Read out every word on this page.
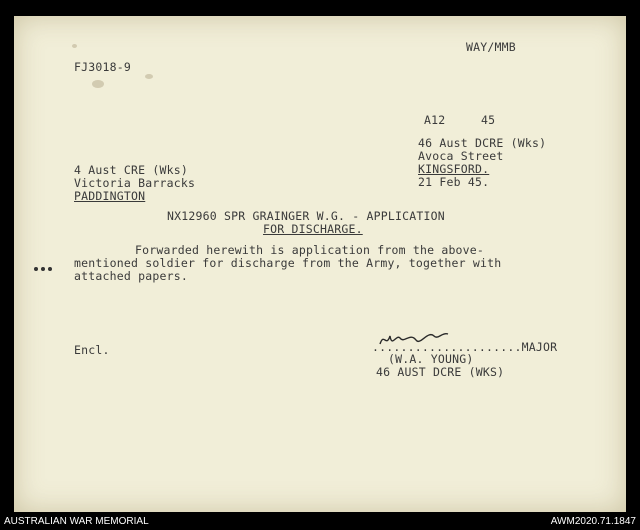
FJ3018-9
WAY/MMB
A12     45
46 Aust DCRE (Wks)
Avoca Street
KINGSFORD.
21 Feb 45.
4 Aust CRE (Wks)
Victoria Barracks
PADDINGTON
NX12960 SPR GRAINGER W.G. - APPLICATION
FOR DISCHARGE.
Forwarded herewith is application from the above-
mentioned soldier for discharge from the Army, together with
attached papers.
Encl.	.....................MAJOR
(W.A. YOUNG)
46 AUST DCRE (WKS)
AUSTRALIAN WAR MEMORIAL	AWM2020.71.1847
